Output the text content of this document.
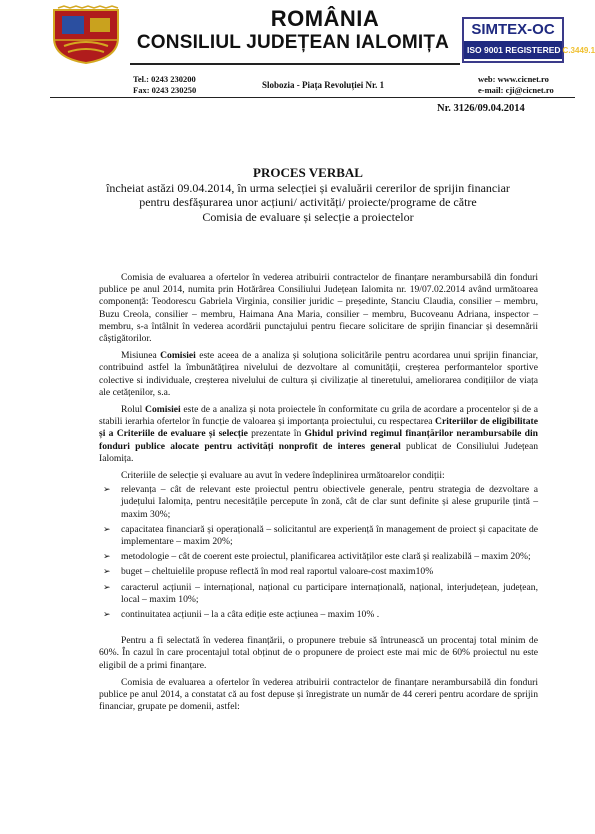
ROMÂNIA
CONSILIUL JUDEȚEAN IALOMIȚA
SIMTEX-OC
ISO 9001 REGISTERED C.3449.1
Tel.: 0243 230200
Fax: 0243 230250	Slobozia - Piața Revoluției Nr. 1
web: www.cicnet.ro
e-mail: cji@cicnet.ro
Nr. 3126/09.04.2014
PROCES VERBAL
încheiat astăzi 09.04.2014, în urma selecției și evaluării cererilor de sprijin financiar
pentru desfășurarea unor acțiuni/ activități/ proiecte/programe de către
Comisia de evaluare și selecție a proiectelor

Comisia de evaluarea a ofertelor în vederea atribuirii contractelor de finanțare nerambursabilă din fonduri publice pe anul 2014, numita prin Hotărârea Consiliului Județean Ialomita nr. 19/07.02.2014 având următoarea componență: Teodorescu Gabriela Virginia, consilier juridic – președinte, Stanciu Claudia, consilier – membru, Buzu Creola, consilier – membru, Haimana Ana Maria, consilier – membru, Bucoveanu Adriana, inspector – membru, s-a întâlnit în vederea acordării punctajului pentru fiecare solicitare de sprijin financiar și desemnării câștigătorilor.

Misiunea Comisiei este aceea de a analiza și soluționa solicitările pentru acordarea unui sprijin financiar, contribuind astfel la îmbunătățirea nivelului de dezvoltare al comunității, creșterea performantelor sportive colective si individuale, creșterea nivelului de cultura și civilizație al tineretului, ameliorarea condițiilor de viața ale cetățenilor, s.a.

Rolul Comisiei este de a analiza și nota proiectele în conformitate cu grila de acordare a procentelor și de a stabili ierarhia ofertelor în funcție de valoarea și importanța proiectului, cu respectarea Criteriilor de eligibilitate și a Criteriile de evaluare și selecție prezentate în Ghidul privind regimul finanțărilor nerambursabile din fonduri publice alocate pentru activități nonprofit de interes general publicat de Consiliului Județean Ialomița.

Criteriile de selecție și evaluare au avut în vedere îndeplinirea următoarelor condiții:

➢ relevanța – cât de relevant este proiectul pentru obiectivele generale, pentru strategia de dezvoltare a județului Ialomița, pentru necesitățile percepute în zonă, cât de clar sunt definite și alese grupurile țintă – maxim 30%;
➢ capacitatea financiară și operațională – solicitantul are experiență în management de proiect și capacitate de implementare – maxim 20%;
➢ metodologie – cât de coerent este proiectul, planificarea activităților este clară și realizabilă – maxim 20%;
➢ buget – cheltuielile propuse reflectă în mod real raportul valoare-cost maxim10%
➢ caracterul acțiunii – internațional, național cu participare internațională, național, interjudețean, județean, local – maxim 10%;
➢ continuitatea acțiunii – la a câta ediție este acțiunea – maxim 10% .

Pentru a fi selectată în vederea finanțării, o propunere trebuie să întrunească un procentaj total minim de 60%. În cazul în care procentajul total obținut de o propunere de proiect este mai mic de 60% proiectul nu este eligibil de a primi finanțare.

Comisia de evaluarea a ofertelor în vederea atribuirii contractelor de finanțare nerambursabilă din fonduri publice pe anul 2014, a constatat că au fost depuse și înregistrate un număr de 44 cereri pentru acordare de sprijin financiar, grupate pe domenii, astfel:
